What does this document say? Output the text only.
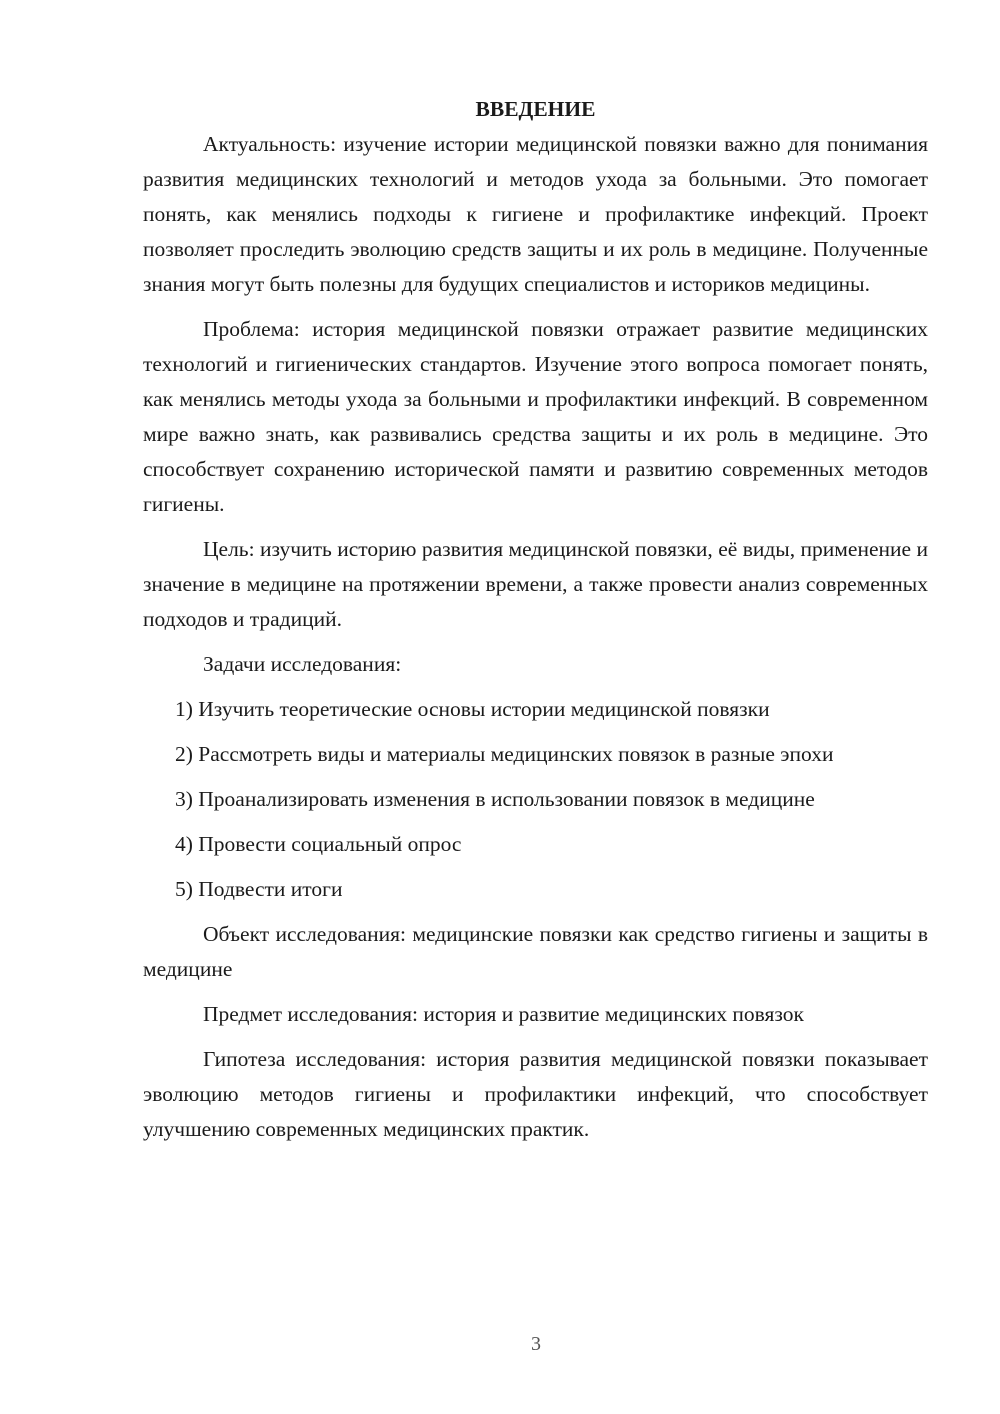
ВВЕДЕНИЕ

Актуальность: изучение истории медицинской повязки важно для понимания развития медицинских технологий и методов ухода за больными. Это помогает понять, как менялись подходы к гигиене и профилактике инфекций. Проект позволяет проследить эволюцию средств защиты и их роль в медицине. Полученные знания могут быть полезны для будущих специалистов и историков медицины.

Проблема: история медицинской повязки отражает развитие медицинских технологий и гигиенических стандартов. Изучение этого вопроса помогает понять, как менялись методы ухода за больными и профилактики инфекций. В современном мире важно знать, как развивались средства защиты и их роль в медицине. Это способствует сохранению исторической памяти и развитию современных методов гигиены.

Цель: изучить историю развития медицинской повязки, её виды, применение и значение в медицине на протяжении времени, а также провести анализ современных подходов и традиций.

Задачи исследования:

1) Изучить теоретические основы истории медицинской повязки

2) Рассмотреть виды и материалы медицинских повязок в разные эпохи

3) Проанализировать изменения в использовании повязок в медицине

4) Провести социальный опрос

5) Подвести итоги

Объект исследования: медицинские повязки как средство гигиены и защиты в медицине

Предмет исследования: история и развитие медицинских повязок

Гипотеза исследования: история развития медицинской повязки показывает эволюцию методов гигиены и профилактики инфекций, что способствует улучшению современных медицинских практик.

3
